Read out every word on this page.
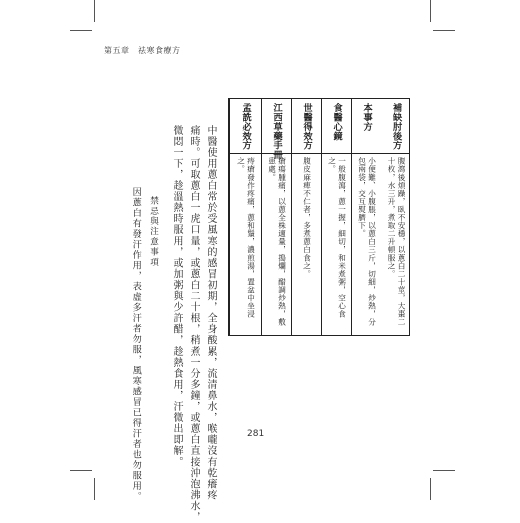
第五章　祛寒食療方
補缺肘後方
腹瀉後煩躁，臥不安穩，以蔥白二十莖，大棗二十枚，水三升，煮取二升頓服之。
本事方
小便難、小腹脹，以蔥白三斤，切細，炒熱，分包兩袋，交互熨臍下。
食醫心鏡
一般腹瀉，蔥一握，細切，和米煮粥，空心食之。
世醫得效方
腹皮麻痺不仁者，多煮蔥白食之。
江西草藥手冊
瘡瘍腫痛，以蔥全株適量，搗爛，醋調炒熱，敷患處。
孟詵必效方
痔瘡發作疼痛，蔥和鬚，濃煎湯，置盆中坐浸之。
中醫使用蔥白常於受風寒的感冒初期，全身酸累，流清鼻水，喉嚨沒有乾癢疼
痛時。可取蔥白一虎口量，或蔥白二十根，稍煮一分多鐘，或蔥白直接沖泡沸水，
微悶一下，趁溫熱時服用，或加粥與少許醋，趁熱食用，汗微出即解。
禁忌與注意事項
因蔥白有發汗作用，表虛多汗者勿服，風寒感冒已得汗者也勿服用。	281
